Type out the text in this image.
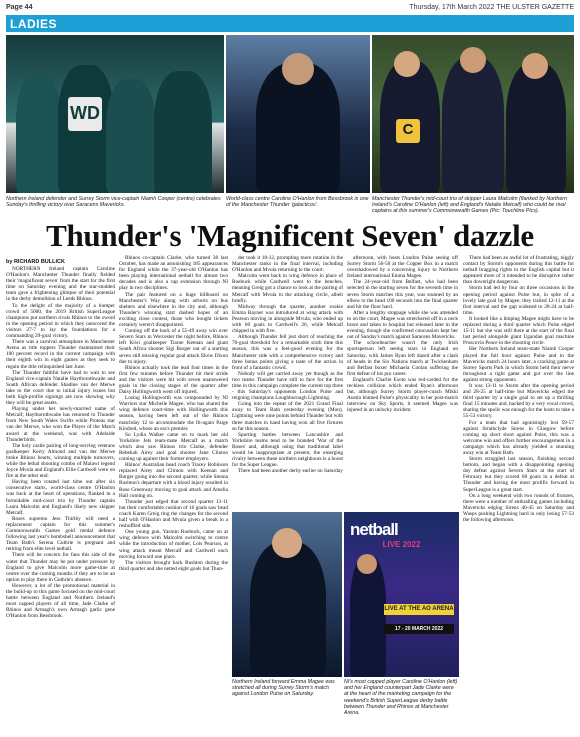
Page 44	Thursday, 17th March 2022 THE ULSTER GAZETTE
LADIES
WD
C
Northern Ireland defender and Surrey Storm vice-captain Niamh Cooper (centre) celebrates Sunday's thrilling victory over Saracens Mavericks.
World-class centre Caroline O'Hanlon from Bessbrook is one of the Manchester Thunder 'galacticos'.
Manchester Thunder's mid-court trio of skipper Laura Malcolm (flanked by Northern Ireland's Caroline O'Hanlon (left) and England's Natalie Metcalf) who could be rival captains at this summer's Commonwealth Games (Pic: Touchline Pics).
Thunder's 'Magnificent Seven' dazzle
by RICHARD BULLICK

NORTHERN Ireland captain Caroline O'Hanlon's Manchester Thunder finally fielded their 'magnificent seven' from the start for the first time on Saturday evening and the star-studded team gave a frightening glimpse of their potential in the derby demolition of Leeds Rhinos.

To the delight of the majority of a bumper crowd of 5000, the 2019 British SuperLeague champions put northern rivals Rhinos to the sword in the opening period in which they outscored the visitors 27-7 to lay the foundations for a commanding 29-goal victory.

There was a carnival atmosphere in Manchester Arena as title toppers Thunder maintained their 100 percent record in the current campaign with their eighth win in eight games as they seek to regain the title relinquished last June.

The Thunder faithful have had to wait to see England vice-captain Natalie Haythornthwaite and South African defender Shadine van der Merwe take to the court due to initial injury issues but both high-profile signings are now showing why they will be great assets.

Playing under her newly-married name of Metcalf, Haythornthwaite has returned to Thunder from New South Wales Swifts while Proteas star van der Merwe, who won the Player of the Match award at the weekend, was with Adelaide Thunderbirds.

The holy castle pairing of long-serving veterans goalkeeper Kerry Almond and van der Merwe broke Rhinos hearts, winning multiple turnovers, while the lethal shooting combo of Malawi legend Joyce Mvula and England's Ellie Cardwell were on fire at the other end.

Having been rotated last time out after six consecutive starts, world-class centre O'Hanlon was back at the heart of operations, flanked in a formidable mid-court trio by Thunder captain Laura Malcolm and England's likely new skipper Metcalf.

Roses supremo Jess Thirlby will need a replacement captain for this summer's Commonwealth Games gold medal defence following last year's bombshell announcement that Team Bath's Serena Guthrie is pregnant and retiring from elite level netball.

There will be concern for fans this side of the water that Thunder may be put under pressure by England to give Malcolm more game-time at centre over the coming months if they are to be an option to play there in Guthrie's absence.

However, a lot of the promotional material in the build-up to this game focused on the mid-court battle between England and Northern Ireland's most capped players of all time, Jade Clarke of Rhinos and Armagh's own Armagh garlic gene O'Hanlon from Bessbrook.

Rhinos co-captain Clarke, who turned 38 last October, has made an astonishing 185 appearances for England while the 37-year-old O'Hanlon has been playing international netball for almost two decades and is also a cap extension through NI play in two disciplines.

The pair featured on a huge billboard on Manchester's Way along with adverts on bus shelters and elsewhere in the city and, although Thunder's winning start dashed hopes of an exciting close contest, those who bought tickets certainly weren't disappointed.

Coming off the back of a 55-49 away win over Severn Stars in Worcester the night before, Rhinos left Kiwi goalkeeper Tiarne Keenan and giant South Africa shooter Sigi Burger out of a starting seven still missing regular goal attack Ekow Dixon due to injury.

Rhinos actually took the lead four times in the first few minutes before Thunder hit their stride and the visitors were hit with seven unanswered goals in the closing stages of the quarter after Daisy Hollingworth went off injured.

Losing Hollingworth was compounded by NI Warriors star Michelle Magee, who has shared the wing defence court-time with Hollingworth this season, having been left out of the Rhinos matchday 12 to accommodate the fit-again Paige Kindred, whose an era's premier.

So Lydia Walker came on to mark her old Yorkshire Jets team-mate Metcalf as a match which also saw Rhinos trio Clarke, defender Rebekah Airey and goal shooter Jane Clinton coming up against their former employers.

Rhinos' Australian head coach Tracey Robinson replaced Airey and Clinton with Keenan and Burger going into the second quarter, while Sienna Rushton's departure with a blood injury resulted in Rose Greenway moving to goal attack and Amelia Hall coming on.

Thunder just edged that second quarter 13-11 but their comfortable cushion of 16 goals saw head coach Karen Greig ring the changes for the second half with O'Hanlon and Mvula given a break in a reshuffled side.

One young gun, Yasmin Roebuck, came on at wing defence with Malcolm switching to centre while the introduction of mother, Lois Pearson, at wing attack meant Metcalf and Cardwell each moving forward one place.

The visitors brought back Rushton during the third quarter and she netted eight goals but Thun-

der took it 18-12, prompting more rotation in the Manchester ranks in the final interval, including O'Hanlon and Mvula returning to the court.

Malcolm went back to wing defence in place of Roebuck while Cardwell went to the benches, meaning Greig got a chance to look at the pairing of Metcalf with Mvula in the attacking circle, albeit briefly.

Midway through the quarter, another rookie Emma Rayner was introduced at wing attack with Pearson moving in alongside Mvula, who ended up with 60 goals to Cardwell's 26, while Metcalf chipped in with five.

Although Thunder fell just short of reaching the 70-goal threshold for a remarkable sixth time this season, this was a feel-good evening for the Manchester side with a comprehensive victory and three bonus points giving a taste of the action in front of a fantastic crowd.

Nobody will get carried away yet though as the two teams Thunder have still to face for the first time in this campaign complete the current top three - this Saturday's opponents London Pulse and reigning champions Loughborough Lightning.

Going into the repeat of the 2021 Grand Final away to Team Bath yesterday evening (Mon), Lightning were nine points behind Thunder but with three matches in hand having won all five fixtures so far this season.

Sporting battles between Lancashire and Yorkshire teams tend to be branded 'War of the Roses' and, although using that traditional label would be inappropriate at present, the emerging rivalry between these northern neighbours is a boost for the Super League.

There had been another derby earlier on Saturday

afternoon, with hosts London Pulse seeing off Surrey Storm 56-50 at the Copper Box in a match overshadowed by a concerning injury to Northern Ireland international Emma Magee.

The 24-year-old from Belfast, who had been selected in the starting seven for the seventh time in seven Storm matches this year, was stunned by an elbow to the head 100 seconds into the final quarter and hit the floor hard.

After a lengthy stoppage while she was attended to on the court, Magee was stretchered off in a neck brace and taken to hospital but released later in the evening, though she confirmed concussion kept her out of Sunday's match against Saracens Mavericks.

The schoolteacher wasn't the only Irish sportsperson left seeing stars in England on Saturday, with James Ryan left dazed after a clash of heads in the Six Nations match at Twickenham and Belfast boxer Michaela Conlan suffering the first defeat of his pro career.

England's Charlie Esoto was red-carded for the reckless collision which ended Ryan's afternoon but, although Surrey Storm player-coach Mikki Austin blamed Pulse's physicality in her post-match interview on Sky Sports, it seemed Magee was injured in an unlucky incident.

There had been an awful lot of frustrating, niggly contact by Storm's opponents during this battle for netball bragging rights in the English capital but it appeared more of it intended to be disruptive rather than downright dangerous.

Storm had led by four on three occasions in the opening period against Pulse but, in spite of a lovely late goal by Magee, they trailed 12-11 at the first interval and the gap widened to 28-24 at half-time.

It looked like a limping Magee might have to be replaced during a third quarter which Pulse edged 15-11 but she was still there at the start of the final last period alongside giant Ugandan goal machine Proscovia Peace in the shooting circle.

Her Northern Ireland team-mate Niamh Cooper played the full hour against Pulse and in the Mavericks match 24 hours later, a cracking game at Surrey Sports Park in which Storm held their nerve throughout a tight game and got over the line against strong opponents.

It was 13-11 to Storm after the opening period and 28-25 at half-time but Mavericks edged the third quarter by a single goal to set up a thrilling final 15 minutes and, backed by a very vocal crowd, sharing the spoils was enough for the hosts to take a 55-53 victory.

For a team that had agonisingly lost 59-57 against Strathclyde Sirens in Glasgow before coming up short short against Pulse, this was a welcome win and offers further encouragement in a campaign which has already yielded a stunning away win at Team Bath.

Storm struggled last season, finishing second bottom, and began with a disappointing opening day defeat against Severn Stars at the start of February but they scored 68 goals in a defeat at Thunder and having the most prolific forward in SuperLeague is a great start.

On a long weekend with two rounds of fixtures, there were a number of enthralling games including Mavericks edging Sirens 40-45 on Saturday and Wasps pushing Lightning hard in only losing 57-53 the following afternoon.

netball
LIVE 2022
LIVE AT THE AO ARENA
17 - 20 MARCH 2022
Northern Ireland forward Emma Magee was stretched all during Surrey Storm's match against London Pulse on Saturday.
NI's most capped player Caroline O'Hanlon (left) and her England counterpart Jade Clarke were at the heart of the marketing campaign for the weekend's British SuperLeague derby battle between Thunder and Rhinos at Manchester Arena.
